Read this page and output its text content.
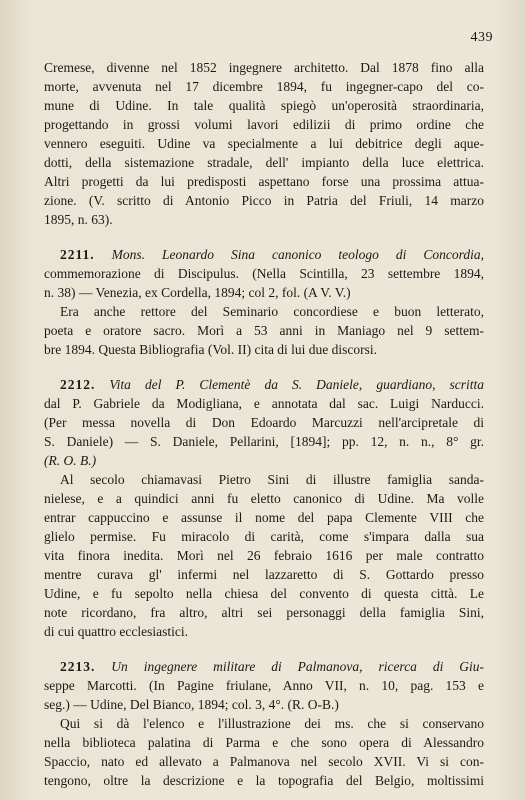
439
Cremese, divenne nel 1852 ingegnere architetto. Dal 1878 fino alla
morte, avvenuta nel 17 dicembre 1894, fu ingegner-capo del co-
mune di Udine. In tale qualità spiegò un'operosità straordinaria,
progettando in grossi volumi lavori edilizii di primo ordine che
vennero eseguiti. Udine va specialmente a lui debitrice degli aque-
dotti, della sistemazione stradale, dell' impianto della luce elettrica.
Altri progetti da lui predisposti aspettano forse una prossima attua-
zione. (V. scritto di Antonio Picco in Patria del Friuli, 14 marzo
1895, n. 63).
2211. Mons. Leonardo Sina canonico teologo di Concordia,
commemorazione di Discipulus. (Nella Scintilla, 23 settembre 1894,
n. 38) — Venezia, ex Cordella, 1894; col 2, fol. (A V. V.)
Era anche rettore del Seminario concordiese e buon letterato,
poeta e oratore sacro. Morì a 53 anni in Maniago nel 9 settem-
bre 1894. Questa Bibliografia (Vol. II) cita di lui due discorsi.
2212. Vita del P. Clementè da S. Daniele, guardiano, scritta
dal P. Gabriele da Modigliana, e annotata dal sac. Luigi Narducci.
(Per messa novella di Don Edoardo Marcuzzi nell'arcipretale di
S. Daniele) — S. Daniele, Pellarini, [1894]; pp. 12, n. n., 8° gr.
(R. O. B.)
Al secolo chiamavasi Pietro Sini di illustre famiglia sanda-
nielese, e a quindici anni fu eletto canonico di Udine. Ma volle
entrar cappuccino e assunse il nome del papa Clemente VIII che
glielo permise. Fu miracolo di carità, come s'impara dalla sua
vita finora inedita. Morì nel 26 febraio 1616 per male contratto
mentre curava gl' infermi nel lazzaretto di S. Gottardo presso
Udine, e fu sepolto nella chiesa del convento di questa città. Le
note ricordano, fra altro, altri sei personaggi della famiglia Sini,
di cui quattro ecclesiastici.
2213. Un ingegnere militare di Palmanova, ricerca di Giu-
seppe Marcotti. (In Pagine friulane, Anno VII, n. 10, pag. 153 e
seg.) — Udine, Del Bianco, 1894; col. 3, 4°. (R. O-B.)
Qui si dà l'elenco e l'illustrazione dei ms. che si conservano
nella biblioteca palatina di Parma e che sono opera di Alessandro
Spaccio, nato ed allevato a Palmanova nel secolo XVII. Vi si con-
tengono, oltre la descrizione e la topografia del Belgio, moltissimi
